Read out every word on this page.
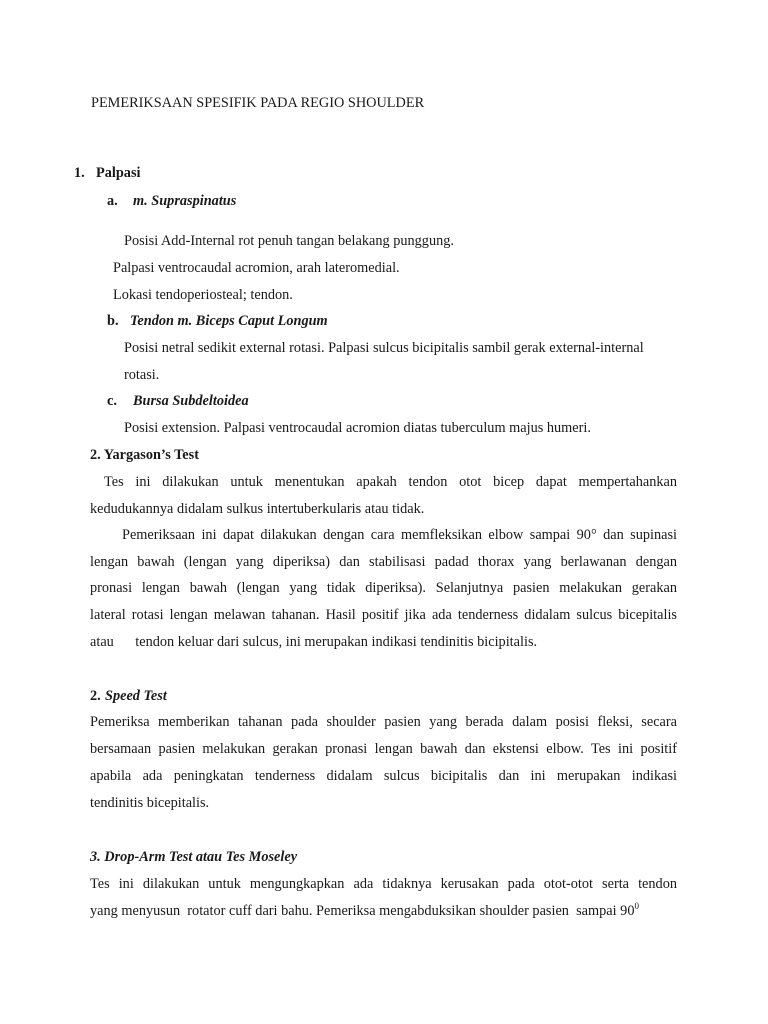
PEMERIKSAAN SPESIFIK PADA REGIO SHOULDER
1. Palpasi
a. m. Supraspinatus
Posisi Add-Internal rot penuh tangan belakang punggung.
Palpasi ventrocaudal acromion, arah lateromedial.
Lokasi tendoperiosteal; tendon.
b. Tendon m. Biceps Caput Longum
Posisi netral sedikit external rotasi. Palpasi sulcus bicipitalis sambil gerak external-internal
rotasi.
c. Bursa Subdeltoidea
Posisi extension. Palpasi ventrocaudal acromion diatas tuberculum majus humeri.
2. Yargason’s Test
Tes ini dilakukan untuk menentukan apakah tendon otot bicep dapat mempertahankan
kedudukannya didalam sulkus intertuberkularis atau tidak.
Pemeriksaan ini dapat dilakukan dengan cara memfleksikan elbow sampai 90° dan supinasi
lengan bawah (lengan yang diperiksa) dan stabilisasi padad thorax yang berlawanan dengan
pronasi lengan bawah (lengan yang tidak diperiksa). Selanjutnya pasien melakukan gerakan
lateral rotasi lengan melawan tahanan. Hasil positif jika ada tenderness didalam sulcus bicepitalis
atau      tendon keluar dari sulcus, ini merupakan indikasi tendinitis bicipitalis.
2. Speed Test
Pemeriksa memberikan tahanan pada shoulder pasien yang berada dalam posisi fleksi, secara
bersamaan pasien melakukan gerakan pronasi lengan bawah dan ekstensi elbow. Tes ini positif
apabila ada peningkatan tenderness didalam sulcus bicipitalis dan ini merupakan indikasi
tendinitis bicepitalis.
3. Drop-Arm Test atau Tes Moseley
Tes ini dilakukan untuk mengungkapkan ada tidaknya kerusakan pada otot-otot serta tendon
yang menyusun  rotator cuff dari bahu. Pemeriksa mengabduksikan shoulder pasien  sampai $90^0$
